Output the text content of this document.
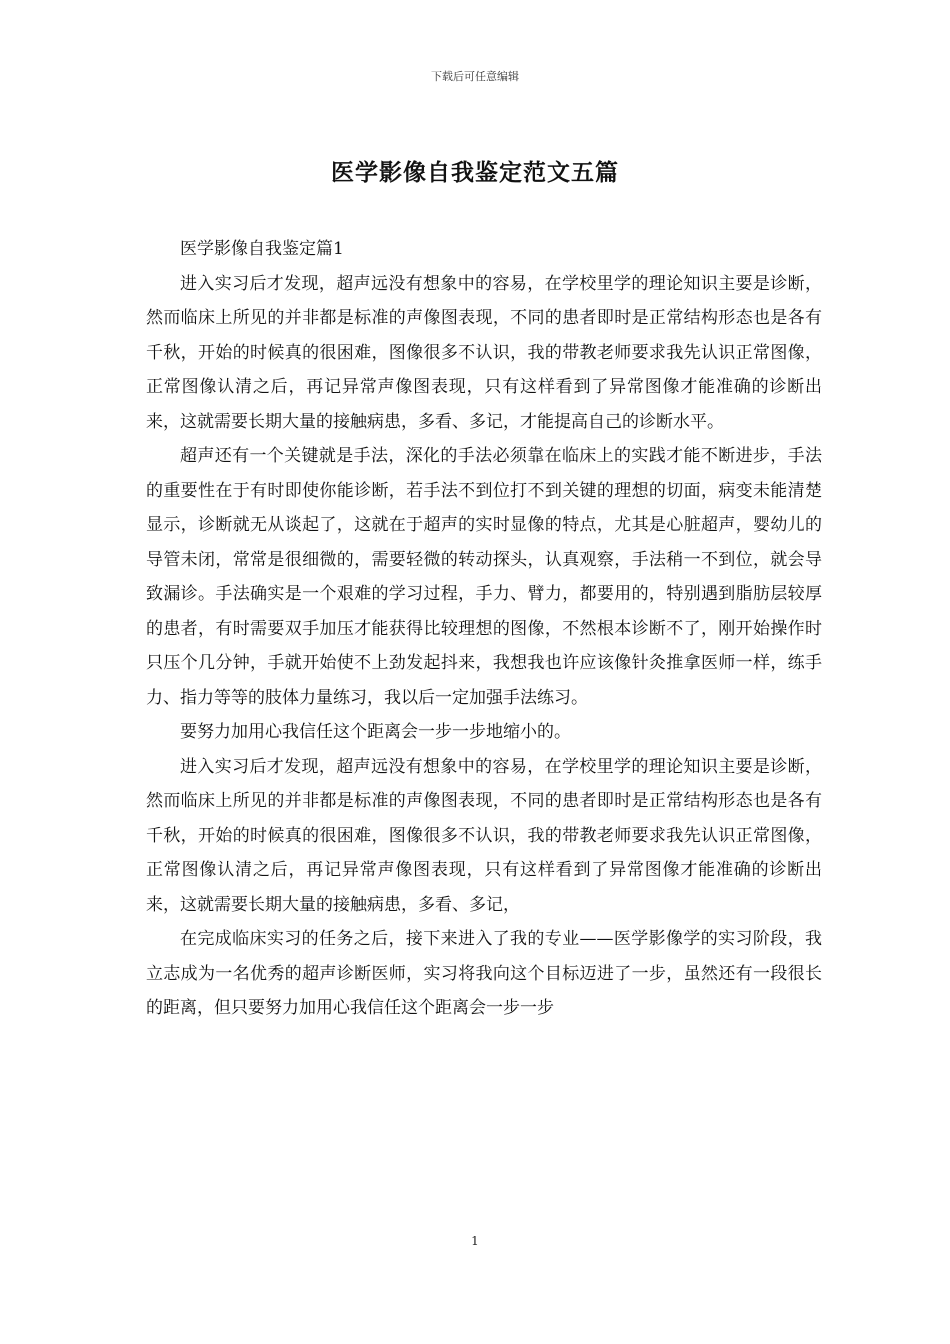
下载后可任意编辑
医学影像自我鉴定范文五篇

医学影像自我鉴定篇1

进入实习后才发现，超声远没有想象中的容易，在学校里学的理论知识主要是诊断，然而临床上所见的并非都是标准的声像图表现，不同的患者即时是正常结构形态也是各有千秋，开始的时候真的很困难，图像很多不认识，我的带教老师要求我先认识正常图像，正常图像认清之后，再记异常声像图表现，只有这样看到了异常图像才能准确的诊断出来，这就需要长期大量的接触病患，多看、多记，才能提高自己的诊断水平。

超声还有一个关键就是手法，深化的手法必须靠在临床上的实践才能不断进步，手法的重要性在于有时即使你能诊断，若手法不到位打不到关键的理想的切面，病变未能清楚显示，诊断就无从谈起了，这就在于超声的实时显像的特点，尤其是心脏超声，婴幼儿的导管未闭，常常是很细微的，需要轻微的转动探头，认真观察，手法稍一不到位，就会导致漏诊。手法确实是一个艰难的学习过程，手力、臂力，都要用的，特别遇到脂肪层较厚的患者，有时需要双手加压才能获得比较理想的图像，不然根本诊断不了，刚开始操作时只压个几分钟，手就开始使不上劲发起抖来，我想我也许应该像针灸推拿医师一样，练手力、指力等等的肢体力量练习，我以后一定加强手法练习。

要努力加用心我信任这个距离会一步一步地缩小的。

进入实习后才发现，超声远没有想象中的容易，在学校里学的理论知识主要是诊断，然而临床上所见的并非都是标准的声像图表现，不同的患者即时是正常结构形态也是各有千秋，开始的时候真的很困难，图像很多不认识，我的带教老师要求我先认识正常图像，正常图像认清之后，再记异常声像图表现，只有这样看到了异常图像才能准确的诊断出来，这就需要长期大量的接触病患，多看、多记，

在完成临床实习的任务之后，接下来进入了我的专业——医学影像学的实习阶段，我立志成为一名优秀的超声诊断医师，实习将我向这个目标迈进了一步，虽然还有一段很长的距离，但只要努力加用心我信任这个距离会一步一步

1
